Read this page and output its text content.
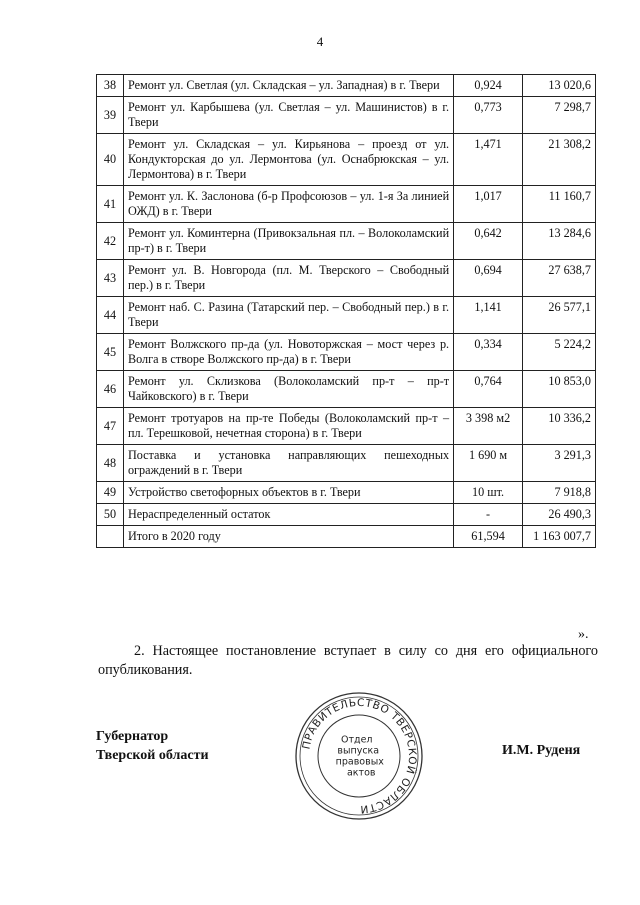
4
38	Ремонт ул. Светлая (ул. Складская – ул. Западная) в г. Твери	0,924	13 020,6
39	Ремонт ул. Карбышева (ул. Светлая – ул. Машинистов) в г. Твери	0,773	7 298,7
40	Ремонт ул. Складская – ул. Кирьянова – проезд от ул. Кондукторская до ул. Лермонтова (ул. Оснабрюкская – ул. Лермонтова) в г. Твери	1,471	21 308,2
41	Ремонт ул. К. Заслонова (б-р Профсоюзов – ул. 1-я За линией ОЖД) в г. Твери	1,017	11 160,7
42	Ремонт ул. Коминтерна (Привокзальная пл. – Волоколамский пр-т) в г. Твери	0,642	13 284,6
43	Ремонт ул. В. Новгорода (пл. М. Тверского – Свободный пер.) в г. Твери	0,694	27 638,7
44	Ремонт наб. С. Разина (Татарский пер. – Свободный пер.) в г. Твери	1,141	26 577,1
45	Ремонт Волжского пр-да (ул. Новоторжская – мост через р. Волга в створе Волжского пр-да) в г. Твери	0,334	5 224,2
46	Ремонт ул. Склизкова (Волоколамский пр-т – пр-т Чайковского) в г. Твери	0,764	10 853,0
47	Ремонт тротуаров на пр-те Победы (Волоколамский пр-т – пл. Терешковой, нечетная сторона) в г. Твери	3 398 м2	10 336,2
48	Поставка и установка направляющих пешеходных ограждений в г. Твери	1 690 м	3 291,3
49	Устройство светофорных объектов в г. Твери	10 шт.	7 918,8
50	Нераспределенный остаток	-	26 490,3
	Итого в 2020 году	61,594	1 163 007,7
».
2. Настоящее постановление вступает в силу со дня его официального опубликования.
Губернатор
Тверской области	И.М. Руденя
ПРАВИТЕЛЬСТВО ТВЕРСКОЙ ОБЛАСТИ
Отдел
выпуска
правовых
актов
